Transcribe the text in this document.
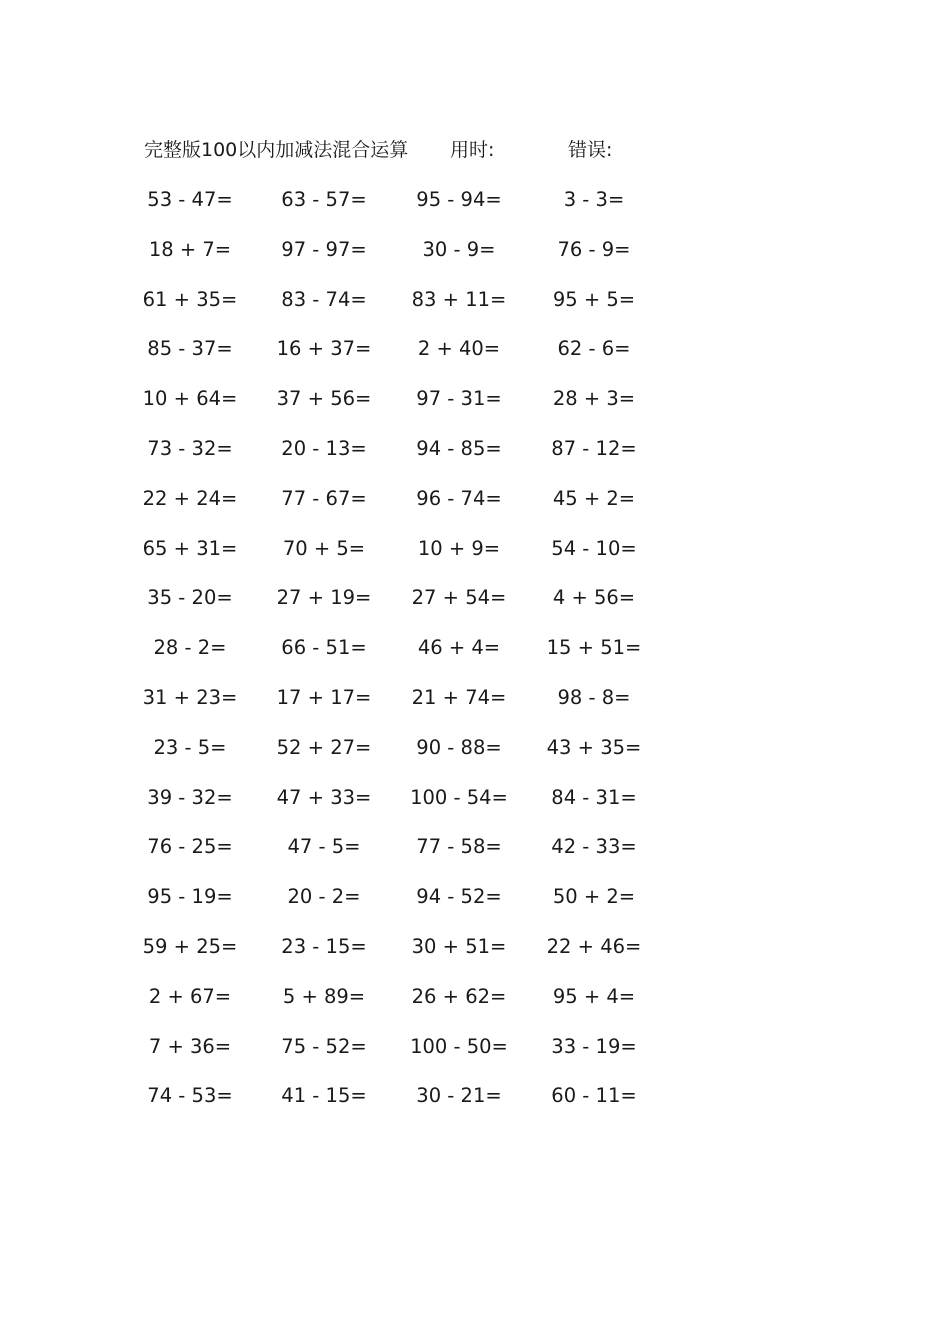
完整版100以内加减法混合运算 用时:	错误:
53 - 47=	63 - 57=	95 - 94=	3 - 3=
18 + 7=	97 - 97=	30 - 9=	76 - 9=
61 + 35=	83 - 74=	83 + 11=	95 + 5=
85 - 37=	16 + 37=	2 + 40=	62 - 6=
10 + 64=	37 + 56=	97 - 31=	28 + 3=
73 - 32=	20 - 13=	94 - 85=	87 - 12=
22 + 24=	77 - 67=	96 - 74=	45 + 2=
65 + 31=	70 + 5=	10 + 9=	54 - 10=
35 - 20=	27 + 19=	27 + 54=	4 + 56=
28 - 2=	66 - 51=	46 + 4=	15 + 51=
31 + 23=	17 + 17=	21 + 74=	98 - 8=
23 - 5=	52 + 27=	90 - 88=	43 + 35=
39 - 32=	47 + 33=	100 - 54=	84 - 31=
76 - 25=	47 - 5=	77 - 58=	42 - 33=
95 - 19=	20 - 2=	94 - 52=	50 + 2=
59 + 25=	23 - 15=	30 + 51=	22 + 46=
2 + 67=	5 + 89=	26 + 62=	95 + 4=
7 + 36=	75 - 52=	100 - 50=	33 - 19=
74 - 53=	41 - 15=	30 - 21=	60 - 11=
